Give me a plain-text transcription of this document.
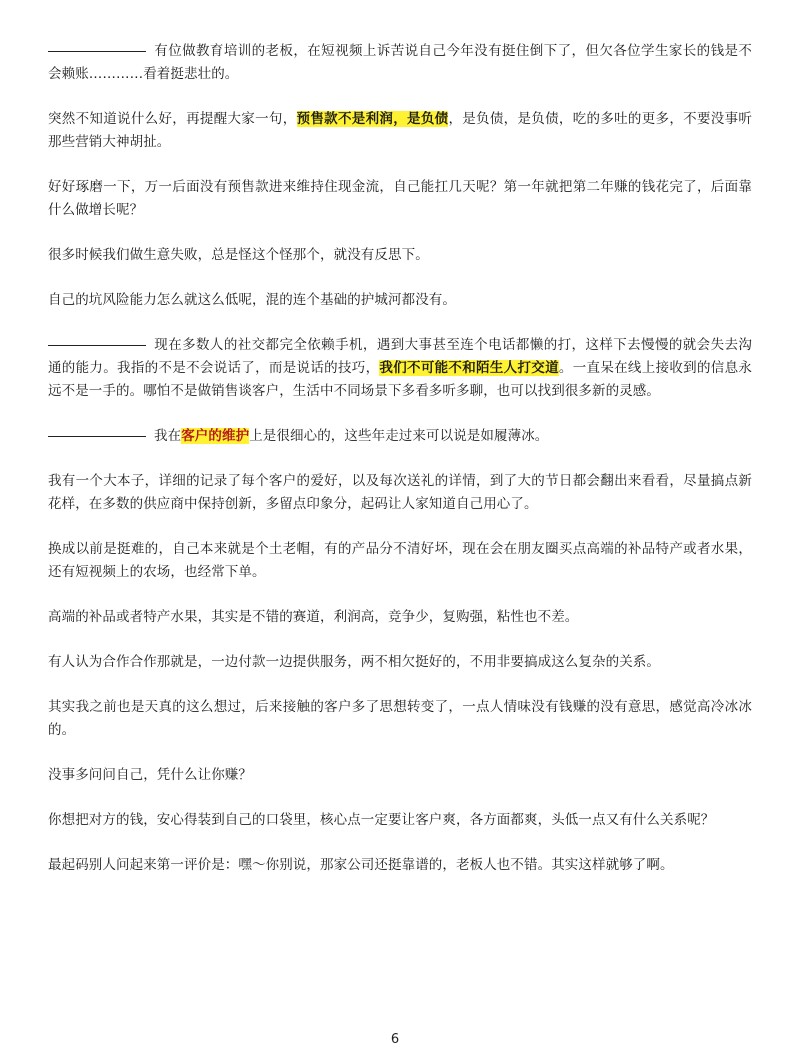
有位做教育培训的老板，在短视频上诉苦说自己今年没有挺住倒下了，但欠各位学生家长的钱是不会赖账…………看着挺悲壮的。

突然不知道说什么好，再提醒大家一句，预售款不是利润，是负债，是负债，是负债，吃的多吐的更多，不要没事听那些营销大神胡扯。

好好琢磨一下，万一后面没有预售款进来维持住现金流，自己能扛几天呢？第一年就把第二年赚的钱花完了，后面靠什么做增长呢？

很多时候我们做生意失败，总是怪这个怪那个，就没有反思下。

自己的坑风险能力怎么就这么低呢，混的连个基础的护城河都没有。

现在多数人的社交都完全依赖手机，遇到大事甚至连个电话都懒的打，这样下去慢慢的就会失去沟通的能力。我指的不是不会说话了，而是说话的技巧，我们不可能不和陌生人打交道。一直呆在线上接收到的信息永远不是一手的。哪怕不是做销售谈客户，生活中不同场景下多看多听多聊，也可以找到很多新的灵感。

我在客户的维护上是很细心的，这些年走过来可以说是如履薄冰。

我有一个大本子，详细的记录了每个客户的爱好，以及每次送礼的详情，到了大的节日都会翻出来看看，尽量搞点新花样，在多数的供应商中保持创新，多留点印象分，起码让人家知道自己用心了。

换成以前是挺难的，自己本来就是个土老帽，有的产品分不清好坏，现在会在朋友圈买点高端的补品特产或者水果，还有短视频上的农场，也经常下单。

高端的补品或者特产水果，其实是不错的赛道，利润高，竞争少，复购强，粘性也不差。

有人认为合作合作那就是，一边付款一边提供服务，两不相欠挺好的，不用非要搞成这么复杂的关系。

其实我之前也是天真的这么想过，后来接触的客户多了思想转变了，一点人情味没有钱赚的没有意思，感觉高冷冰冰的。

没事多问问自己，凭什么让你赚？

你想把对方的钱，安心得装到自己的口袋里，核心点一定要让客户爽，各方面都爽，头低一点又有什么关系呢？

最起码别人问起来第一评价是：嘿～你别说，那家公司还挺靠谱的，老板人也不错。其实这样就够了啊。

6
